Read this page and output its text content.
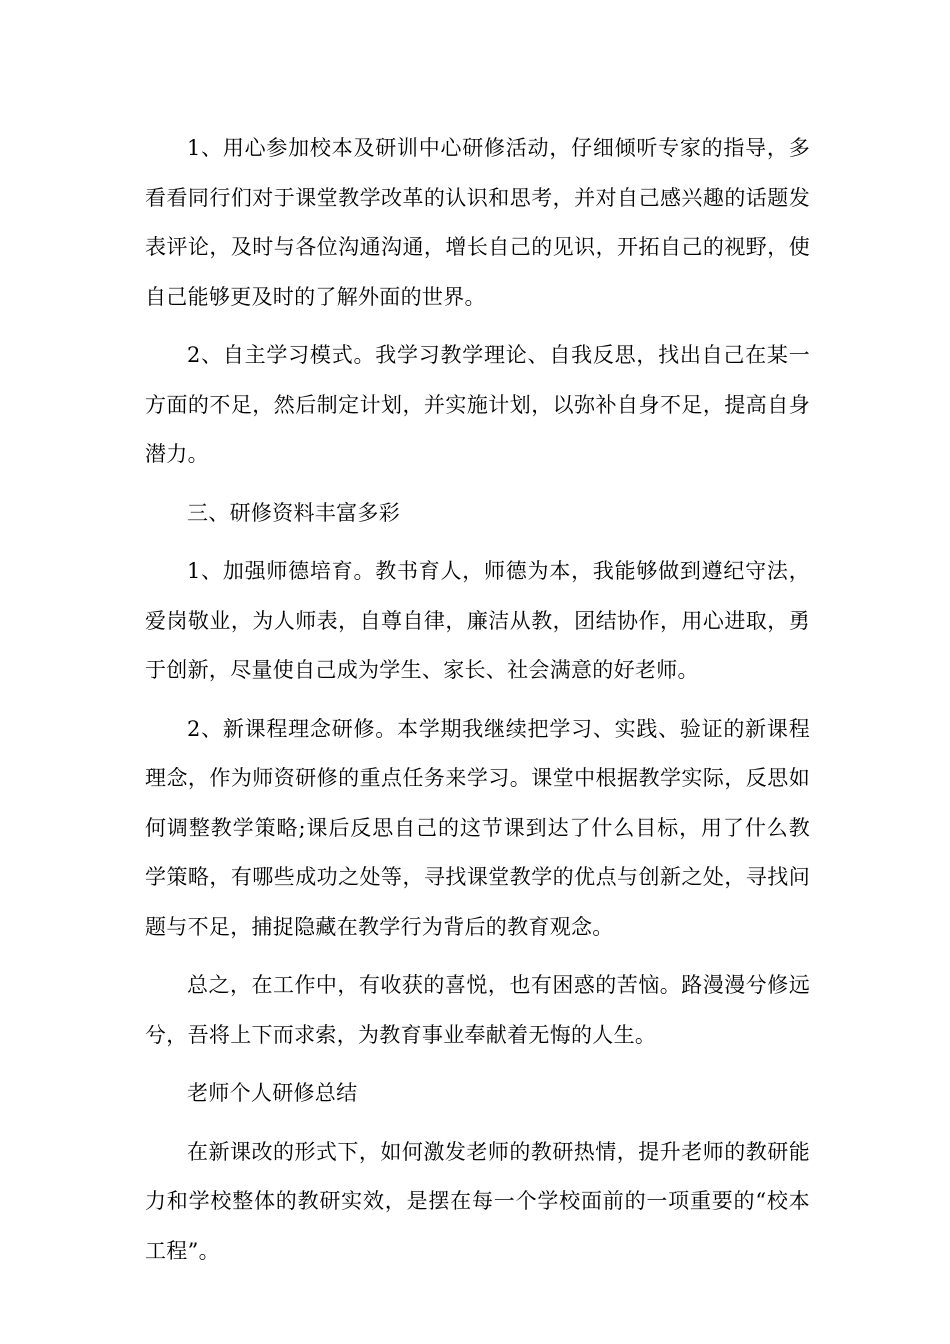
1、用心参加校本及研训中心研修活动，仔细倾听专家的指导，多看看同行们对于课堂教学改革的认识和思考，并对自己感兴趣的话题发表评论，及时与各位沟通沟通，增长自己的见识，开拓自己的视野，使自己能够更及时的了解外面的世界。

2、自主学习模式。我学习教学理论、自我反思，找出自己在某一方面的不足，然后制定计划，并实施计划，以弥补自身不足，提高自身潜力。

三、研修资料丰富多彩

1、加强师德培育。教书育人，师德为本，我能够做到遵纪守法，爱岗敬业，为人师表，自尊自律，廉洁从教，团结协作，用心进取，勇于创新，尽量使自己成为学生、家长、社会满意的好老师。

2、新课程理念研修。本学期我继续把学习、实践、验证的新课程理念，作为师资研修的重点任务来学习。课堂中根据教学实际，反思如何调整教学策略;课后反思自己的这节课到达了什么目标，用了什么教学策略，有哪些成功之处等，寻找课堂教学的优点与创新之处，寻找问题与不足，捕捉隐藏在教学行为背后的教育观念。

总之，在工作中，有收获的喜悦，也有困惑的苦恼。路漫漫兮修远兮，吾将上下而求索，为教育事业奉献着无悔的人生。

老师个人研修总结

在新课改的形式下，如何激发老师的教研热情，提升老师的教研能力和学校整体的教研实效，是摆在每一个学校面前的一项重要的“校本工程”。
